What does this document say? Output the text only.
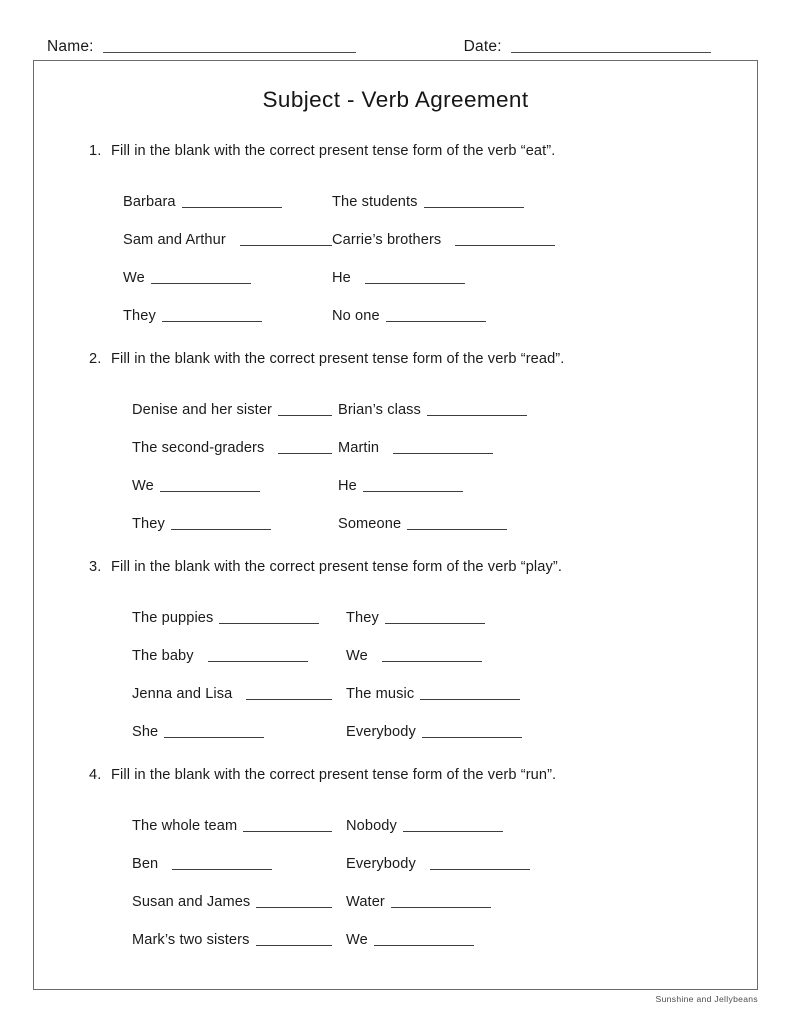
Name:	Date:
Subject - Verb Agreement
1. Fill in the blank with the correct present tense form of the verb “eat”.
Barbara	The students
Sam and Arthur	Carrie’s brothers
We	He
They	No one
2. Fill in the blank with the correct present tense form of the verb “read”.
Denise and her sister	Brian’s class
The second-graders	Martin
We	He
They	Someone
3. Fill in the blank with the correct present tense form of the verb “play”.
The puppies	They
The baby	We
Jenna and Lisa	The music
She	Everybody
4. Fill in the blank with the correct present tense form of the verb “run”.
The whole team	Nobody
Ben	Everybody
Susan and James	Water
Mark’s two sisters	We
Sunshine and Jellybeans
